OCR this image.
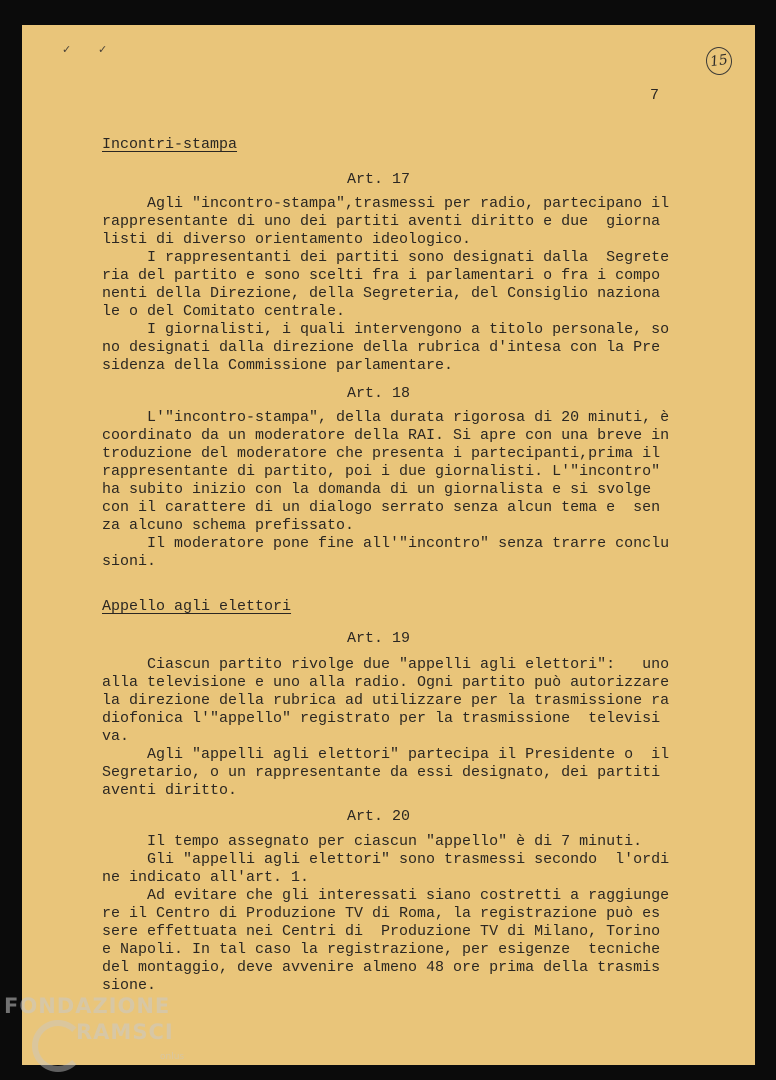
✓ ✓
15
7
Incontri-stampa
Art. 17
Agli "incontro-stampa",trasmessi per radio, partecipano il
rappresentante di uno dei partiti aventi diritto e due  giorna
listi di diverso orientamento ideologico.
I rappresentanti dei partiti sono designati dalla  Segrete
ria del partito e sono scelti fra i parlamentari o fra i compo
nenti della Direzione, della Segreteria, del Consiglio naziona
le o del Comitato centrale.
I giornalisti, i quali intervengono a titolo personale, so
no designati dalla direzione della rubrica d'intesa con la Pre
sidenza della Commissione parlamentare.
Art. 18
L'"incontro-stampa", della durata rigorosa di 20 minuti, è
coordinato da un moderatore della RAI. Si apre con una breve in
troduzione del moderatore che presenta i partecipanti,prima il
rappresentante di partito, poi i due giornalisti. L'"incontro"
ha subito inizio con la domanda di un giornalista e si svolge
con il carattere di un dialogo serrato senza alcun tema e  sen
za alcuno schema prefissato.
Il moderatore pone fine all'"incontro" senza trarre conclu
sioni.
Appello agli elettori
Art. 19
Ciascun partito rivolge due "appelli agli elettori":   uno
alla televisione e uno alla radio. Ogni partito può autorizzare
la direzione della rubrica ad utilizzare per la trasmissione ra
diofonica l'"appello" registrato per la trasmissione  televisi
va.
Agli "appelli agli elettori" partecipa il Presidente o  il
Segretario, o un rappresentante da essi designato, dei partiti
aventi diritto.
Art. 20
Il tempo assegnato per ciascun "appello" è di 7 minuti.
Gli "appelli agli elettori" sono trasmessi secondo  l'ordi
ne indicato all'art. 1.
Ad evitare che gli interessati siano costretti a raggiunge
re il Centro di Produzione TV di Roma, la registrazione può es
sere effettuata nei Centri di  Produzione TV di Milano, Torino
e Napoli. In tal caso la registrazione, per esigenze  tecniche
del montaggio, deve avvenire almeno 48 ore prima della trasmis
sione.
FONDAZIONE
RAMSCI
onlus
